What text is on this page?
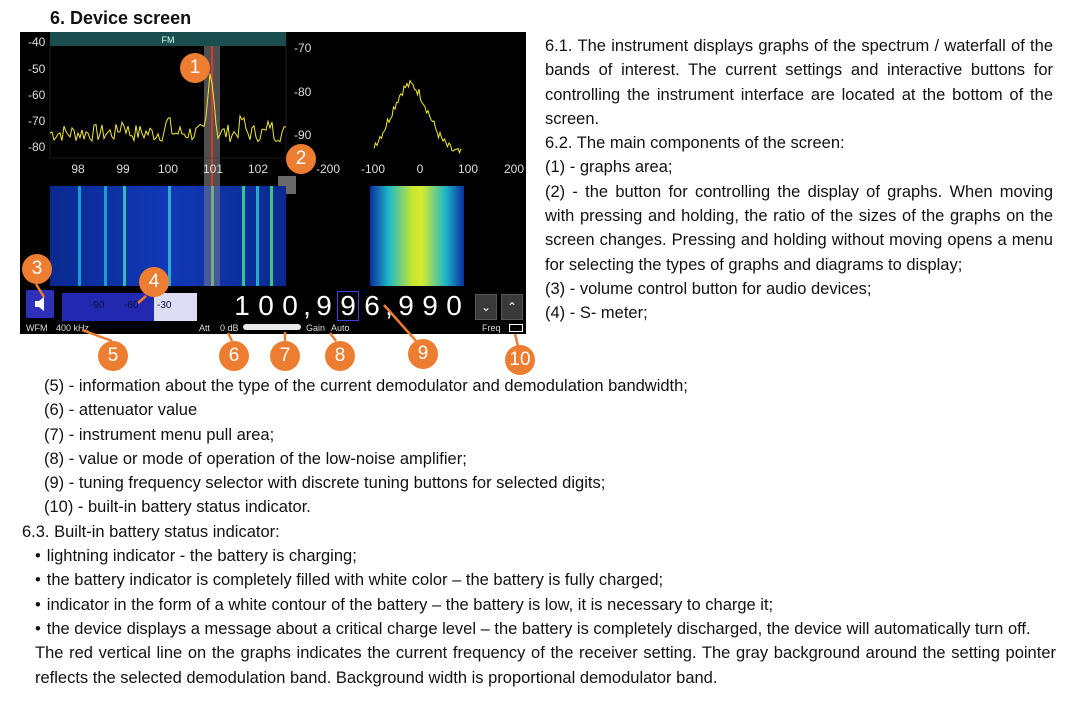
6. Device screen
FM
-40
-50
-60
-70
-80
98	99 100 101 102
-70
-80
-90
-200 -100	0	100 200
-90 -60 -30
WFM 400 kHz	Att 0 dB	Gain Auto
1 0 0 , 9 9 6 , 9 9 0	⌄	⌃
Freq
1
2
3
4
5	6	7	8	9	10

6.1. The instrument displays graphs of the spectrum / waterfall of the bands of interest. The current settings and interactive buttons for controlling the instrument interface are located at the bottom of the screen.

6.2. The main components of the screen:

(1) - graphs area;

(2) - the button for controlling the display of graphs. When moving with pressing and holding, the ratio of the sizes of the graphs on the screen changes. Pressing and holding without moving opens a menu for selecting the types of graphs and diagrams to display;

(3) - volume control button for audio devices;

(4) - S- meter;

(5) - information about the type of the current demodulator and demodulation bandwidth;

(6) - attenuator value

(7) - instrument menu pull area;

(8) - value or mode of operation of the low-noise amplifier;

(9) - tuning frequency selector with discrete tuning buttons for selected digits;

(10) - built-in battery status indicator.

6.3. Built-in battery status indicator:

• lightning indicator - the battery is charging;

• the battery indicator is completely filled with white color – the battery is fully charged;

• indicator in the form of a white contour of the battery – the battery is low, it is necessary to charge it;

• the device displays a message about a critical charge level – the battery is completely discharged, the device will automatically turn off.

The red vertical line on the graphs indicates the current frequency of the receiver setting. The gray background around the setting pointer reflects the selected demodulation band. Background width is proportional demodulator band.
